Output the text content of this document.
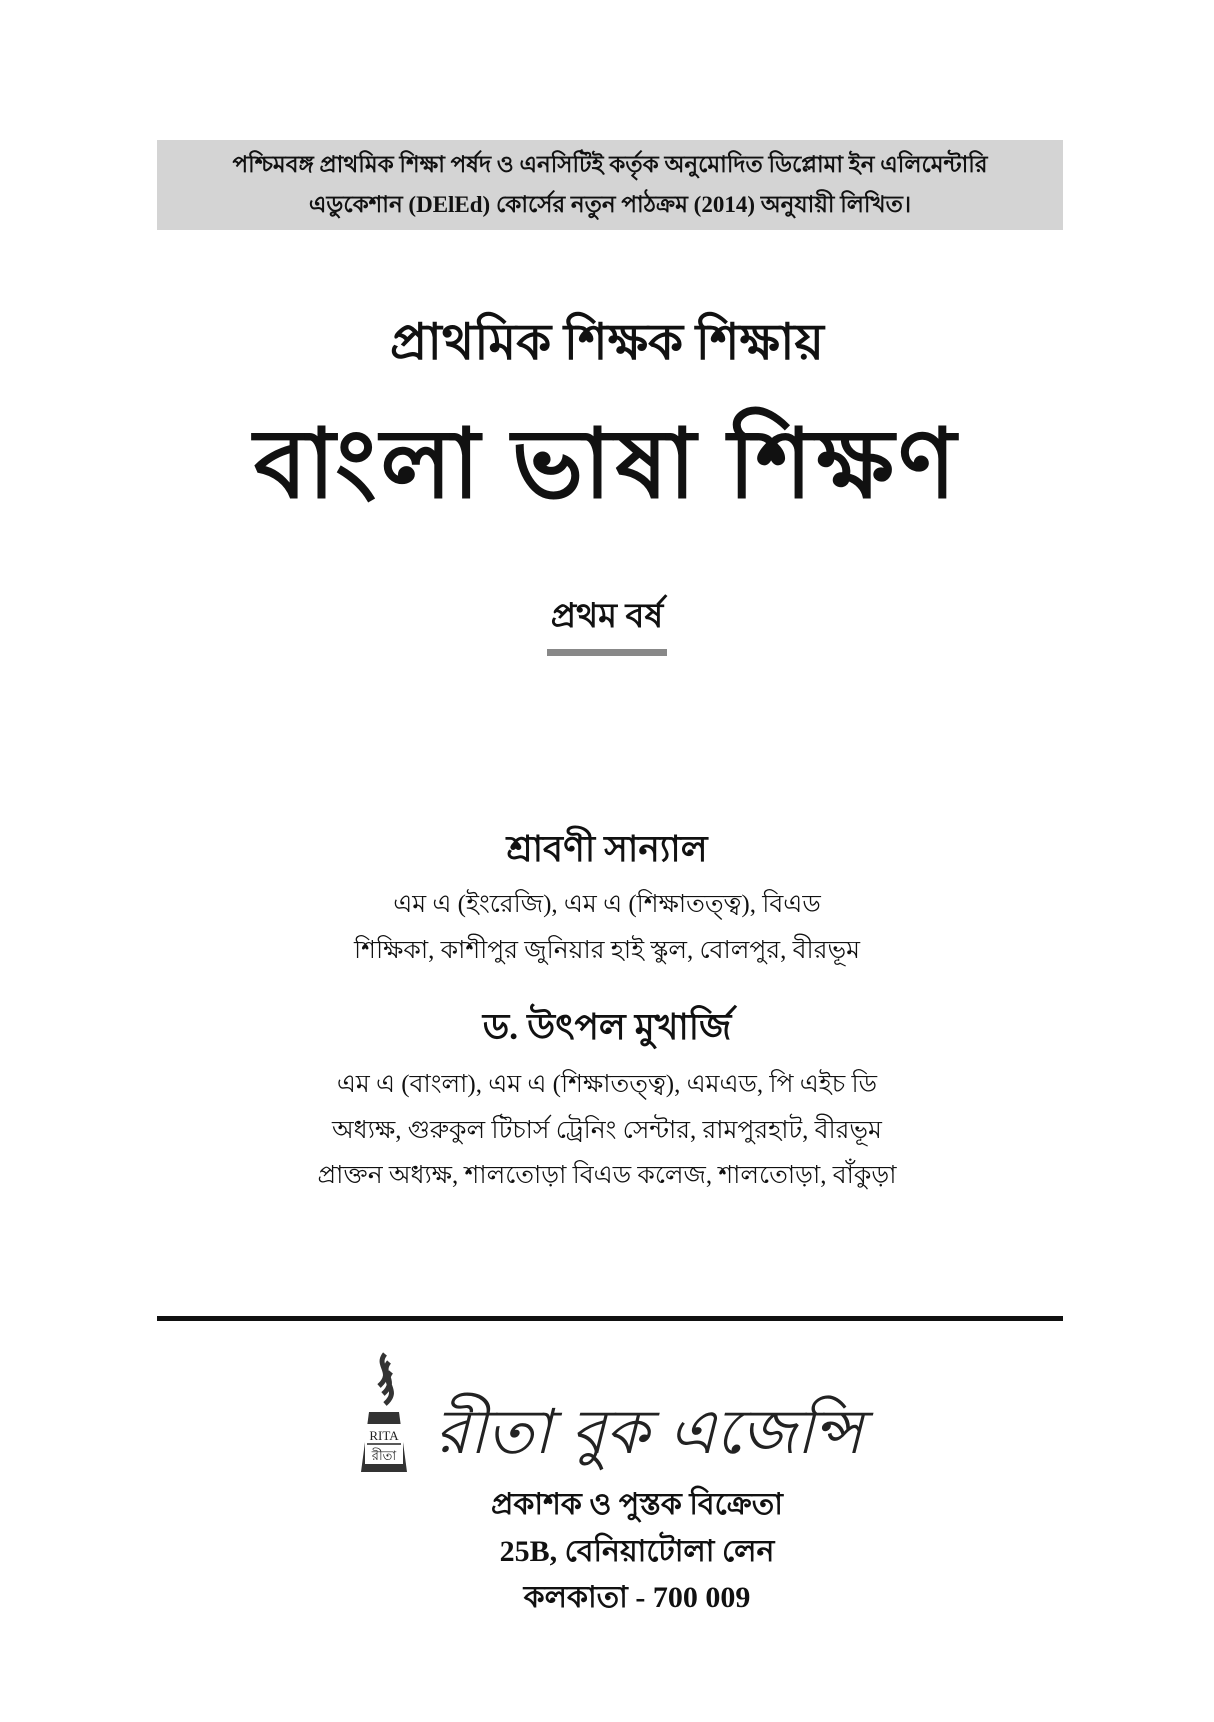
পশ্চিমবঙ্গ প্রাথমিক শিক্ষা পর্ষদ ও এনসিটিই কর্তৃক অনুমোদিত ডিপ্লোমা ইন এলিমেন্টারি
এডুকেশান (DElEd) কোর্সের নতুন পাঠক্রম (2014) অনুযায়ী লিখিত।
প্রাথমিক শিক্ষক শিক্ষায়
বাংলা ভাষা শিক্ষণ
প্রথম বর্ষ
শ্রাবণী সান্যাল
এম এ (ইংরেজি), এম এ (শিক্ষাতত্ত্ব), বিএড
শিক্ষিকা, কাশীপুর জুনিয়ার হাই স্কুল, বোলপুর, বীরভূম
ড. উৎপল মুখার্জি
এম এ (বাংলা), এম এ (শিক্ষাতত্ত্ব), এমএড, পি এইচ ডি
অধ্যক্ষ, গুরুকুল টিচার্স ট্রেনিং সেন্টার, রামপুরহাট, বীরভূম
প্রাক্তন অধ্যক্ষ, শালতোড়া বিএড কলেজ, শালতোড়া, বাঁকুড়া
RITA
রীতা রীতা বুক এজেন্সি
প্রকাশক ও পুস্তক বিক্রেতা
25B, বেনিয়াটোলা লেন
কলকাতা - 700 009
